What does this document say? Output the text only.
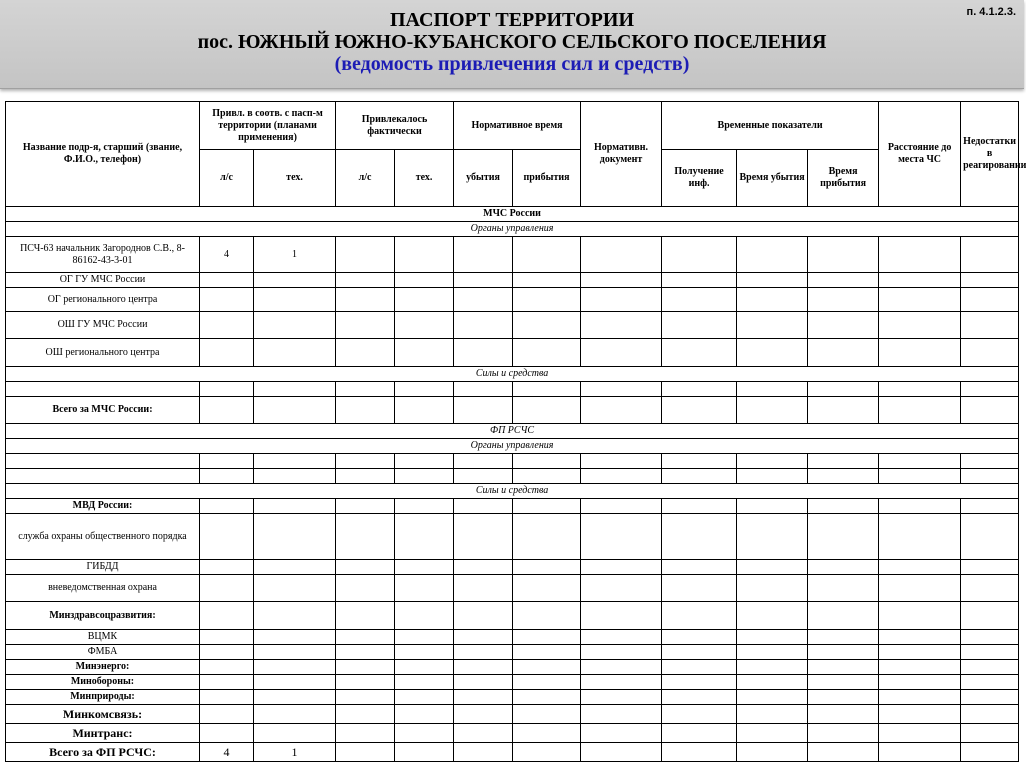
ПАСПОРТ ТЕРРИТОРИИ
пос. ЮЖНЫЙ ЮЖНО-КУБАНСКОГО СЕЛЬСКОГО ПОСЕЛЕНИЯ
(ведомость привлечения сил и средств)
п. 4.1.2.3.
Название подр-я, старший (звание, Ф.И.О., телефон)	Привл. в соотв. с пасп-м территории (планами применения)		Привлекалось фактически		Нормативное время		Нормативн. документ	Временные показатели			Расстояние до места ЧС	Недостатки в реагировании
	л/с	тех.	л/с	тех.	убытия	прибытия		Получение инф.	Время убытия	Время прибытия		
МЧС России												
Органы управления												
ПСЧ-63 начальник Загороднов С.В., 8-86162-43-3-01	4	1										
ОГ ГУ МЧС России												
ОГ регионального центра												
ОШ ГУ МЧС России												
ОШ регионального центра												
Силы и средства												

Всего за МЧС России:												
ФП РСЧС												
Органы управления												

Силы и средства												
МВД России:												
служба охраны общественного порядка												
ГИБДД												
вневедомственная охрана												
Минздравсоцразвития:												
ВЦМК												
ФМБА												
Минэнерго:												
Минобороны:												
Минприроды:												
Минкомсвязь:												
Минтранс:												
Всего за ФП РСЧС:	4	1										
